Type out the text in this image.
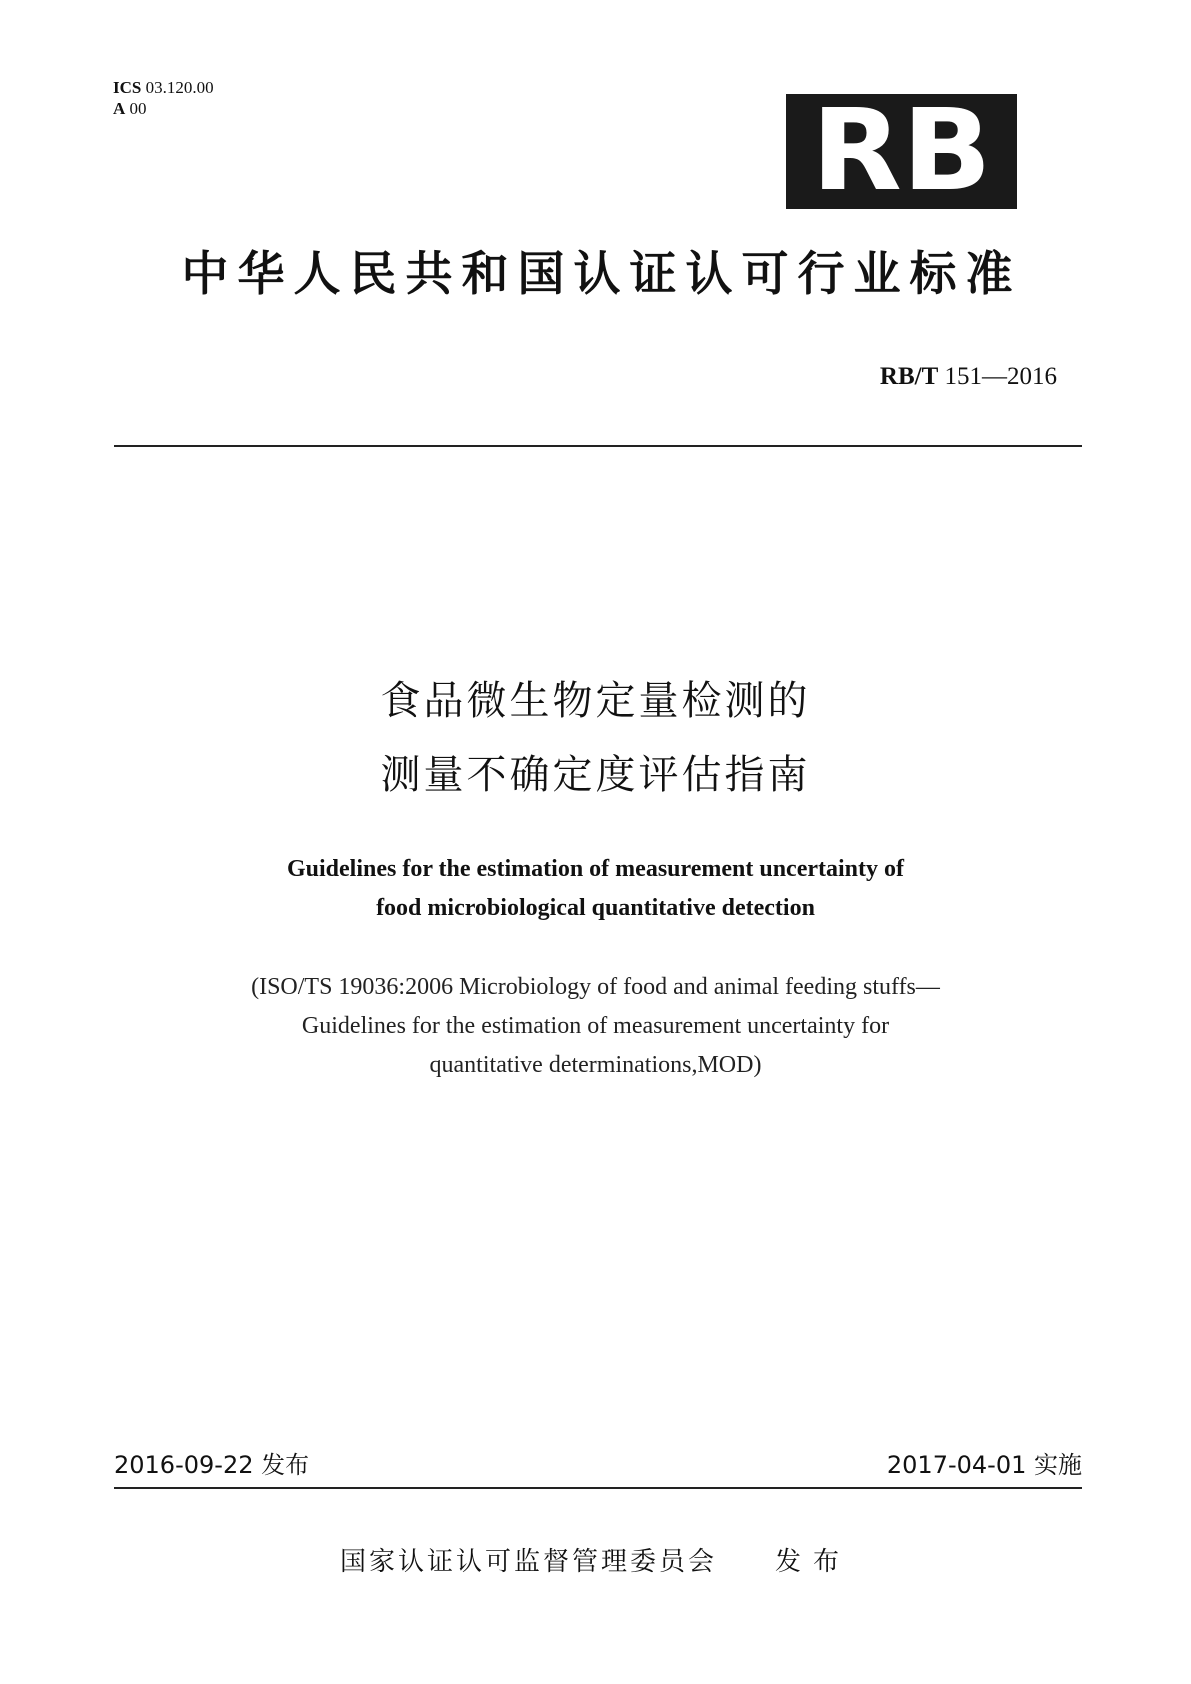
ICS 03.120.00
A 00	RB
中华人民共和国认证认可行业标准
RB/T 151—2016
食品微生物定量检测的
测量不确定度评估指南
Guidelines for the estimation of measurement uncertainty of
food microbiological quantitative detection
(ISO/TS 19036:2006 Microbiology of food and animal feeding stuffs—
Guidelines for the estimation of measurement uncertainty for
quantitative determinations,MOD)
2016-09-22 发布	2017-04-01 实施
国家认证认可监督管理委员会 发布
